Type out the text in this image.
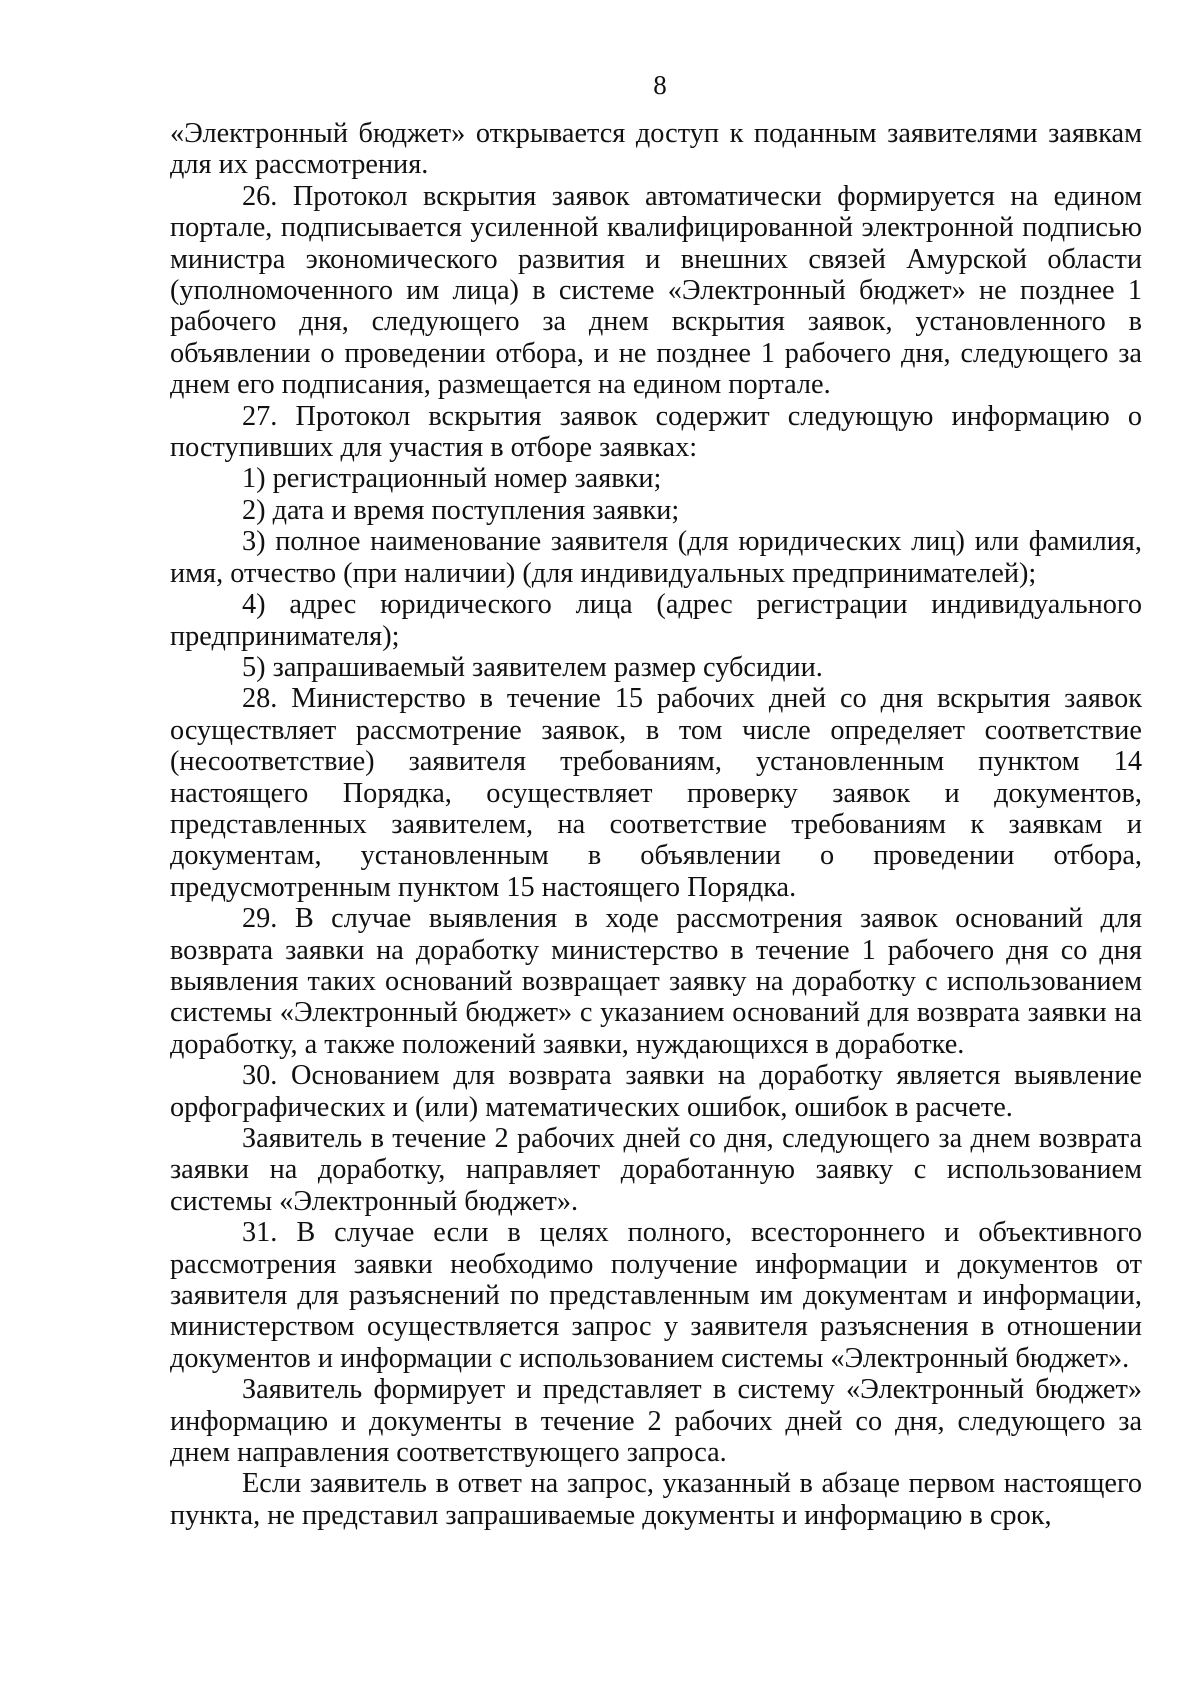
8

«Электронный бюджет» открывается доступ к поданным заявителями заявкам для их рассмотрения.

26. Протокол вскрытия заявок автоматически формируется на едином портале, подписывается усиленной квалифицированной электронной подписью министра экономического развития и внешних связей Амурской области (уполномоченного им лица) в системе «Электронный бюджет» не позднее 1 рабочего дня, следующего за днем вскрытия заявок, установленного в объявлении о проведении отбора, и не позднее 1 рабочего дня, следующего за днем его подписания, размещается на едином портале.

27. Протокол вскрытия заявок содержит следующую информацию о поступивших для участия в отборе заявках:

1) регистрационный номер заявки;

2) дата и время поступления заявки;

3) полное наименование заявителя (для юридических лиц) или фамилия, имя, отчество (при наличии) (для индивидуальных предпринимателей);

4) адрес юридического лица (адрес регистрации индивидуального предпринимателя);

5) запрашиваемый заявителем размер субсидии.

28. Министерство в течение 15 рабочих дней со дня вскрытия заявок осуществляет рассмотрение заявок, в том числе определяет соответствие (несоответствие) заявителя требованиям, установленным пунктом 14 настоящего Порядка, осуществляет проверку заявок и документов, представленных заявителем, на соответствие требованиям к заявкам и документам, установленным в объявлении о проведении отбора, предусмотренным пунктом 15 настоящего Порядка.

29. В случае выявления в ходе рассмотрения заявок оснований для возврата заявки на доработку министерство в течение 1 рабочего дня со дня выявления таких оснований возвращает заявку на доработку с использованием системы «Электронный бюджет» с указанием оснований для возврата заявки на доработку, а также положений заявки, нуждающихся в доработке.

30. Основанием для возврата заявки на доработку является выявление орфографических и (или) математических ошибок, ошибок в расчете.

Заявитель в течение 2 рабочих дней со дня, следующего за днем возврата заявки на доработку, направляет доработанную заявку с использованием системы «Электронный бюджет».

31. В случае если в целях полного, всестороннего и объективного рассмотрения заявки необходимо получение информации и документов от заявителя для разъяснений по представленным им документам и информации, министерством осуществляется запрос у заявителя разъяснения в отношении документов и информации с использованием системы «Электронный бюджет».

Заявитель формирует и представляет в систему «Электронный бюджет» информацию и документы в течение 2 рабочих дней со дня, следующего за днем направления соответствующего запроса.

Если заявитель в ответ на запрос, указанный в абзаце первом настоящего пункта, не представил запрашиваемые документы и информацию в срок,
